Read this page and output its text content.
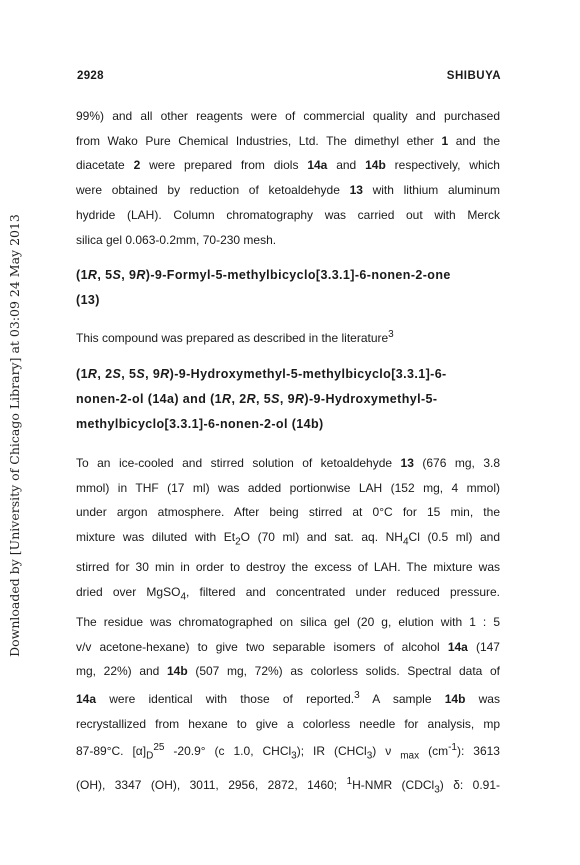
Downloaded by [University of Chicago Library] at 03:09 24 May 2013
2928	SHIBUYA

99%) and all other reagents were of commercial quality and purchased
from Wako Pure Chemical Industries, Ltd. The dimethyl ether 1 and the
diacetate 2 were prepared from diols 14a and 14b respectively, which
were obtained by reduction of ketoaldehyde 13 with lithium aluminum
hydride (LAH). Column chromatography was carried out with Merck
silica gel 0.063-0.2mm, 70-230 mesh.

(1R, 5S, 9R)-9-Formyl-5-methylbicyclo[3.3.1]-6-nonen-2-one
(13)

This compound was prepared as described in the literature$^3$

(1R, 2S, 5S, 9R)-9-Hydroxymethyl-5-methylbicyclo[3.3.1]-6-
nonen-2-ol (14a) and (1R, 2R, 5S, 9R)-9-Hydroxymethyl-5-
methylbicyclo[3.3.1]-6-nonen-2-ol (14b)

To an ice-cooled and stirred solution of ketoaldehyde 13 (676 mg, 3.8
mmol) in THF (17 ml) was added portionwise LAH (152 mg, 4 mmol)
under argon atmosphere. After being stirred at 0°C for 15 min, the
mixture was diluted with $Et_2O$ (70 ml) and sat. aq. $NH_4Cl$ (0.5 ml) and
stirred for 30 min in order to destroy the excess of LAH. The mixture was
dried over MgSO$_4$, filtered and concentrated under reduced pressure.
The residue was chromatographed on silica gel (20 g, elution with 1 : 5
v/v acetone-hexane) to give two separable isomers of alcohol 14a (147
mg, 22%) and 14b (507 mg, 72%) as colorless solids. Spectral data of
14a were identical with those of reported.$^3$ A sample 14b was
recrystallized from hexane to give a colorless needle for analysis, mp
87-89°C. $[\alpha]_D^{25}$ -20.9° (c 1.0, CHCl$_3$); IR (CHCl$_3$) ν $_{max}$ $(cm^{-1})$: 3613
(OH), 3347 (OH), 3011, 2956, 2872, 1460; $^1$H-NMR (CDCl$_3$) δ: 0.91-
